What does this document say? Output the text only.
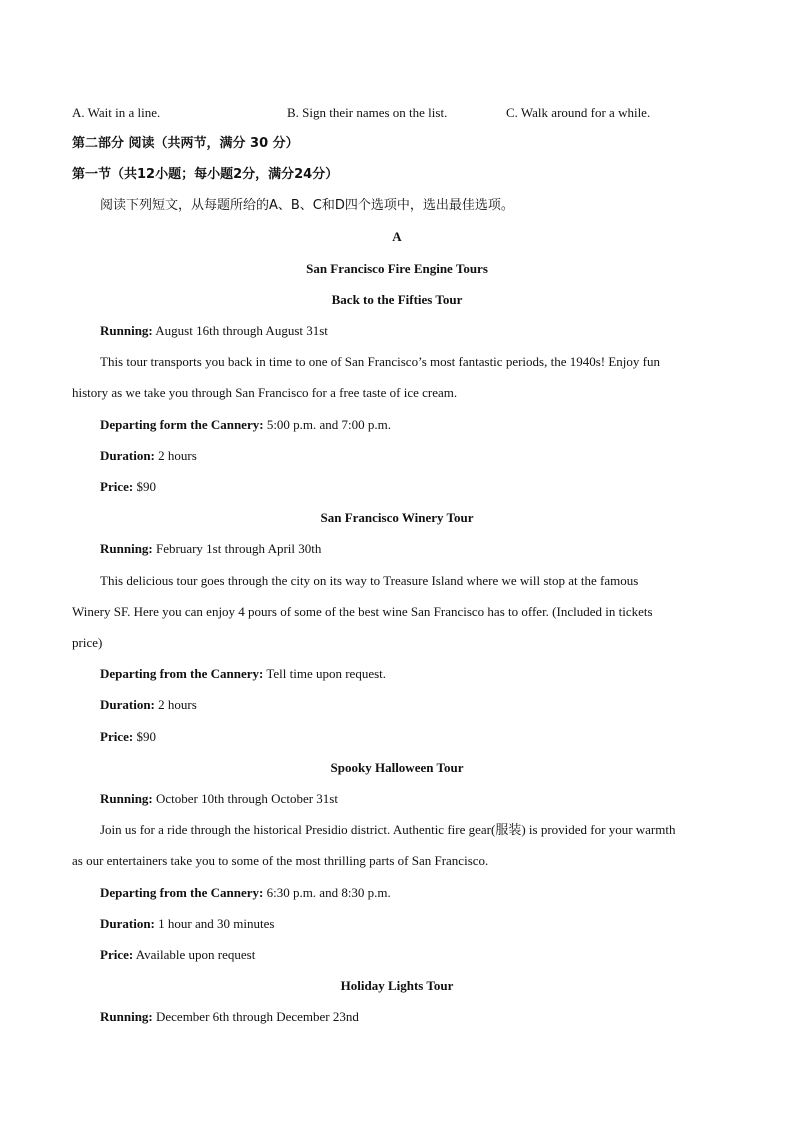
A. Wait in a line.	B. Sign their names on the list.	C. Walk around for a while.
第二部分 阅读（共两节，满分 30 分）
第一节（共12小题；每小题2分，满分24分）
阅读下列短文，从每题所给的A、B、C和D四个选项中，选出最佳选项。
A
San Francisco Fire Engine Tours
Back to the Fifties Tour
Running: August 16th through August 31st
This tour transports you back in time to one of San Francisco’s most fantastic periods, the 1940s! Enjoy fun
history as we take you through San Francisco for a free taste of ice cream.
Departing form the Cannery: 5:00 p.m. and 7:00 p.m.
Duration: 2 hours
Price: $90
San Francisco Winery Tour
Running: February 1st through April 30th
This delicious tour goes through the city on its way to Treasure Island where we will stop at the famous
Winery SF. Here you can enjoy 4 pours of some of the best wine San Francisco has to offer. (Included in tickets
price)
Departing from the Cannery: Tell time upon request.
Duration: 2 hours
Price: $90
Spooky Halloween Tour
Running: October 10th through October 31st
Join us for a ride through the historical Presidio district. Authentic fire gear(服装) is provided for your warmth
as our entertainers take you to some of the most thrilling parts of San Francisco.
Departing from the Cannery: 6:30 p.m. and 8:30 p.m.
Duration: 1 hour and 30 minutes
Price: Available upon request
Holiday Lights Tour
Running: December 6th through December 23nd
